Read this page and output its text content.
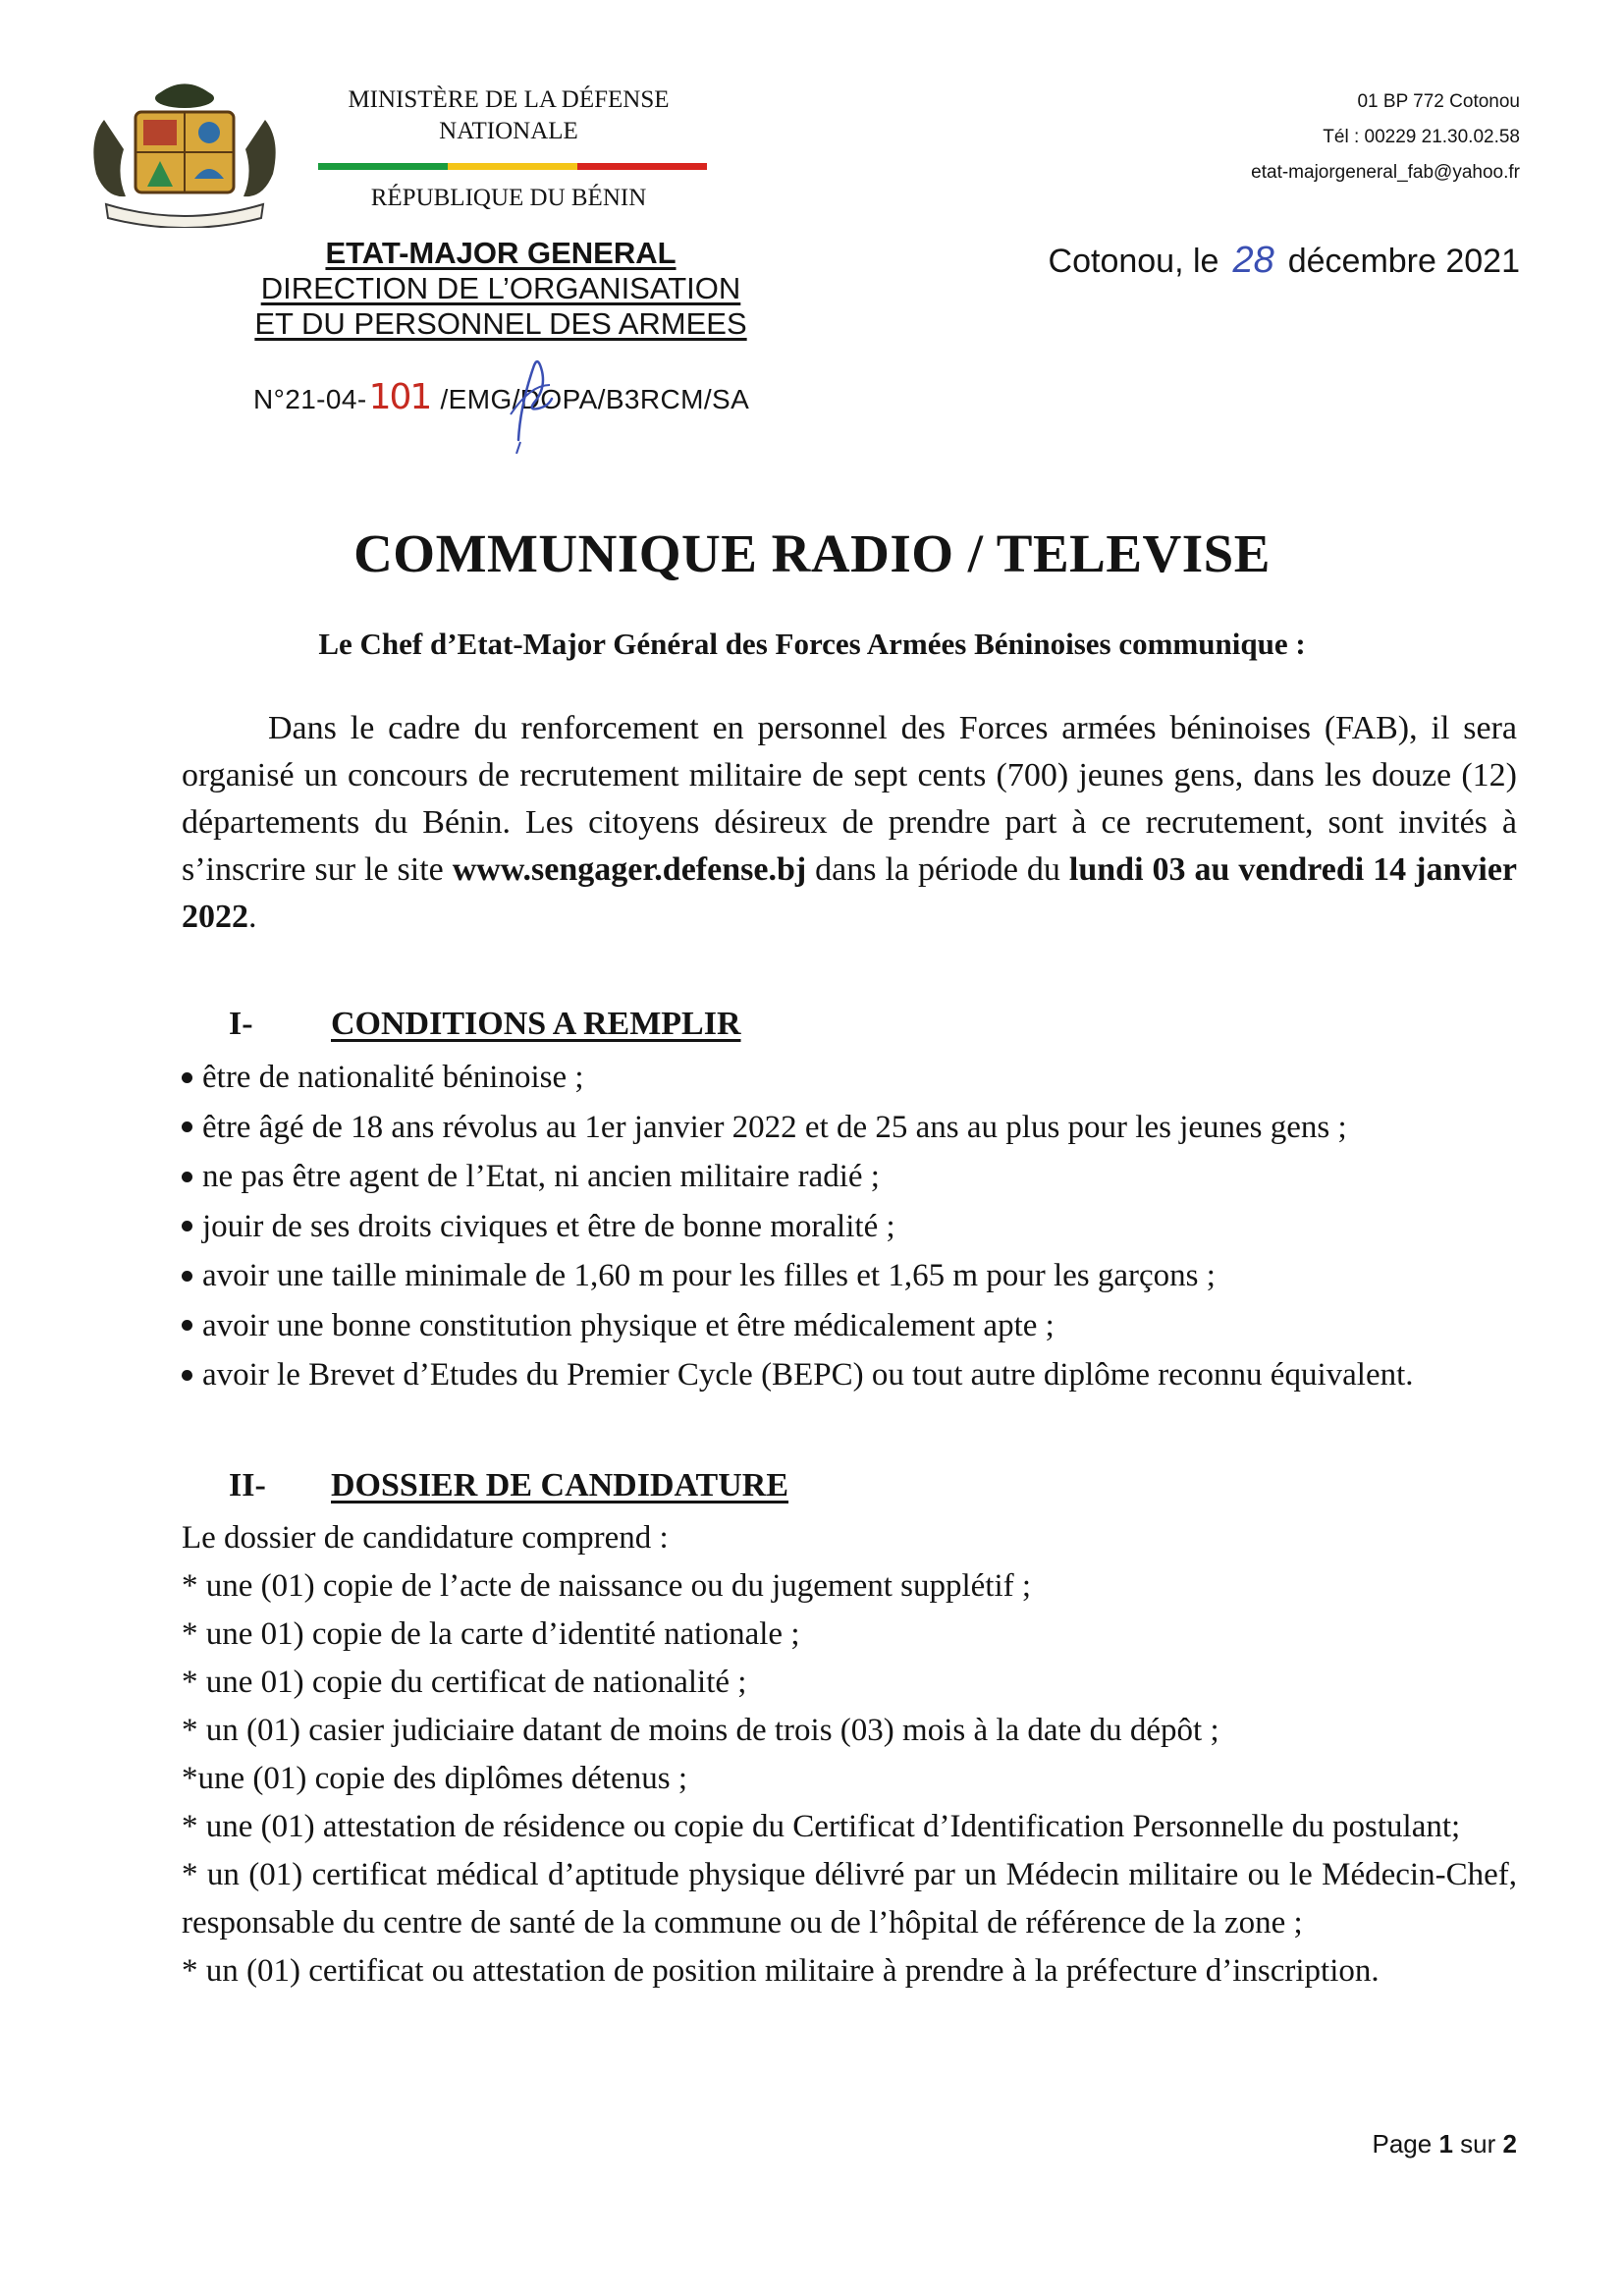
MINISTÈRE DE LA DÉFENSE
NATIONALE
RÉPUBLIQUE DU BÉNIN
01 BP 772 Cotonou
Tél : 00229 21.30.02.58
etat-majorgeneral_fab@yahoo.fr
Cotonou, le 28 décembre 2021
ETAT-MAJOR GENERAL
DIRECTION DE L’ORGANISATION
ET DU PERSONNEL DES ARMEES
N°21-04-101 /EMG/DOPA/B3RCM/SA
COMMUNIQUE RADIO / TELEVISE
Le Chef d’Etat-Major Général des Forces Armées Béninoises communique :
Dans le cadre du renforcement en personnel des Forces armées béninoises (FAB), il sera organisé un concours de recrutement militaire de sept cents (700) jeunes gens, dans les douze (12) départements du Bénin. Les citoyens désireux de prendre part à ce recrutement, sont invités à s’inscrire sur le site www.sengager.defense.bj dans la période du lundi 03 au vendredi 14 janvier 2022.
I-	CONDITIONS A REMPLIR
être de nationalité béninoise ;
être âgé de 18 ans révolus au 1er janvier 2022 et de 25 ans au plus pour les jeunes gens ;
ne pas être agent de l’Etat, ni ancien militaire radié ;
jouir de ses droits civiques et être de bonne moralité ;
avoir une taille minimale de 1,60 m pour les filles et 1,65 m pour les garçons ;
avoir une bonne constitution physique et être médicalement apte ;
avoir le Brevet d’Etudes du Premier Cycle (BEPC) ou tout autre diplôme reconnu équivalent.
II-	DOSSIER DE CANDIDATURE
Le dossier de candidature comprend :
* une (01) copie de l’acte de naissance ou du jugement supplétif ;
* une 01) copie de la carte d’identité nationale ;
* une 01) copie du certificat de nationalité ;
* un (01) casier judiciaire datant de moins de trois (03) mois à la date du dépôt ;
*une (01) copie des diplômes détenus ;
* une (01) attestation de résidence ou copie du Certificat d’Identification Personnelle du postulant;
* un (01) certificat médical d’aptitude physique délivré par un Médecin militaire ou le Médecin-Chef, responsable du centre de santé de la commune ou de l’hôpital de référence de la zone ;
* un (01) certificat ou attestation de position militaire à prendre à la préfecture d’inscription.
Page 1 sur 2
